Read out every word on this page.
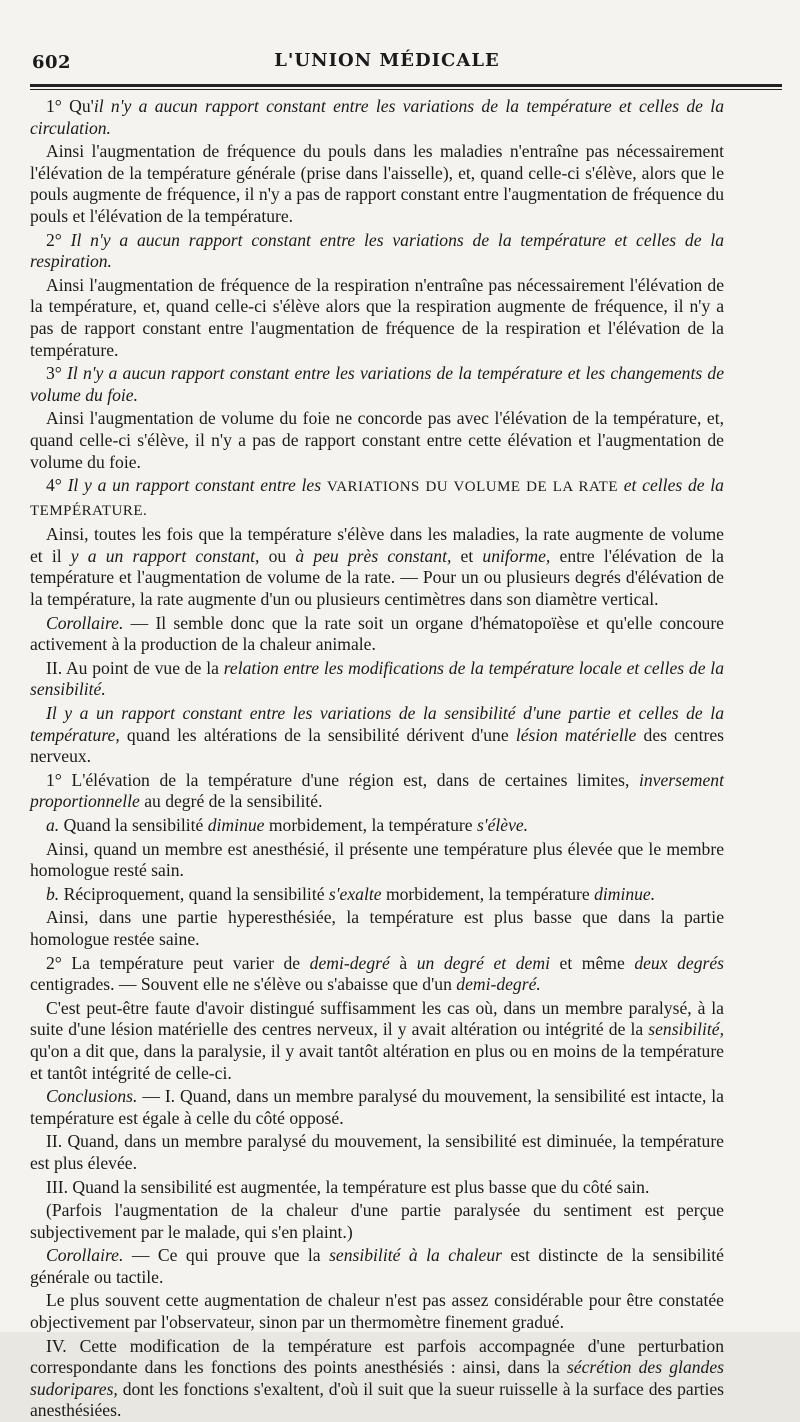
602	L'UNION MÉDICALE

1° Qu'il n'y a aucun rapport constant entre les variations de la température et celles de la circulation.

Ainsi l'augmentation de fréquence du pouls dans les maladies n'entraîne pas nécessairement l'élévation de la température générale (prise dans l'aisselle), et, quand celle-ci s'élève, alors que le pouls augmente de fréquence, il n'y a pas de rapport constant entre l'augmentation de fréquence du pouls et l'élévation de la température.

2° Il n'y a aucun rapport constant entre les variations de la température et celles de la respiration.

Ainsi l'augmentation de fréquence de la respiration n'entraîne pas nécessairement l'élévation de la température, et, quand celle-ci s'élève alors que la respiration augmente de fréquence, il n'y a pas de rapport constant entre l'augmentation de fréquence de la respiration et l'élévation de la température.

3° Il n'y a aucun rapport constant entre les variations de la température et les changements de volume du foie.

Ainsi l'augmentation de volume du foie ne concorde pas avec l'élévation de la température, et, quand celle-ci s'élève, il n'y a pas de rapport constant entre cette élévation et l'augmentation de volume du foie.

4° Il y a un rapport constant entre les VARIATIONS DU VOLUME DE LA RATE et celles de la TEMPÉRATURE.

Ainsi, toutes les fois que la température s'élève dans les maladies, la rate augmente de volume et il y a un rapport constant, ou à peu près constant, et uniforme, entre l'élévation de la température et l'augmentation de volume de la rate. — Pour un ou plusieurs degrés d'élévation de la température, la rate augmente d'un ou plusieurs centimètres dans son diamètre vertical.

Corollaire. — Il semble donc que la rate soit un organe d'hématopoïèse et qu'elle concoure activement à la production de la chaleur animale.

II. Au point de vue de la relation entre les modifications de la température locale et celles de la sensibilité.

Il y a un rapport constant entre les variations de la sensibilité d'une partie et celles de la température, quand les altérations de la sensibilité dérivent d'une lésion matérielle des centres nerveux.

1° L'élévation de la température d'une région est, dans de certaines limites, inversement proportionnelle au degré de la sensibilité.

a. Quand la sensibilité diminue morbidement, la température s'élève.

Ainsi, quand un membre est anesthésié, il présente une température plus élevée que le membre homologue resté sain.

b. Réciproquement, quand la sensibilité s'exalte morbidement, la température diminue.

Ainsi, dans une partie hyperesthésiée, la température est plus basse que dans la partie homologue restée saine.

2° La température peut varier de demi-degré à un degré et demi et même deux degrés centigrades. — Souvent elle ne s'élève ou s'abaisse que d'un demi-degré.

C'est peut-être faute d'avoir distingué suffisamment les cas où, dans un membre paralysé, à la suite d'une lésion matérielle des centres nerveux, il y avait altération ou intégrité de la sensibilité, qu'on a dit que, dans la paralysie, il y avait tantôt altération en plus ou en moins de la température et tantôt intégrité de celle-ci.

Conclusions. — I. Quand, dans un membre paralysé du mouvement, la sensibilité est intacte, la température est égale à celle du côté opposé.

II. Quand, dans un membre paralysé du mouvement, la sensibilité est diminuée, la température est plus élevée.

III. Quand la sensibilité est augmentée, la température est plus basse que du côté sain.

(Parfois l'augmentation de la chaleur d'une partie paralysée du sentiment est perçue subjectivement par le malade, qui s'en plaint.)

Corollaire. — Ce qui prouve que la sensibilité à la chaleur est distincte de la sensibilité générale ou tactile.

Le plus souvent cette augmentation de chaleur n'est pas assez considérable pour être constatée objectivement par l'observateur, sinon par un thermomètre finement gradué.

IV. Cette modification de la température est parfois accompagnée d'une perturbation correspondante dans les fonctions des points anesthésiés : ainsi, dans la sécrétion des glandes sudoripares, dont les fonctions s'exaltent, d'où il suit que la sueur ruisselle à la surface des parties anesthésiées.
